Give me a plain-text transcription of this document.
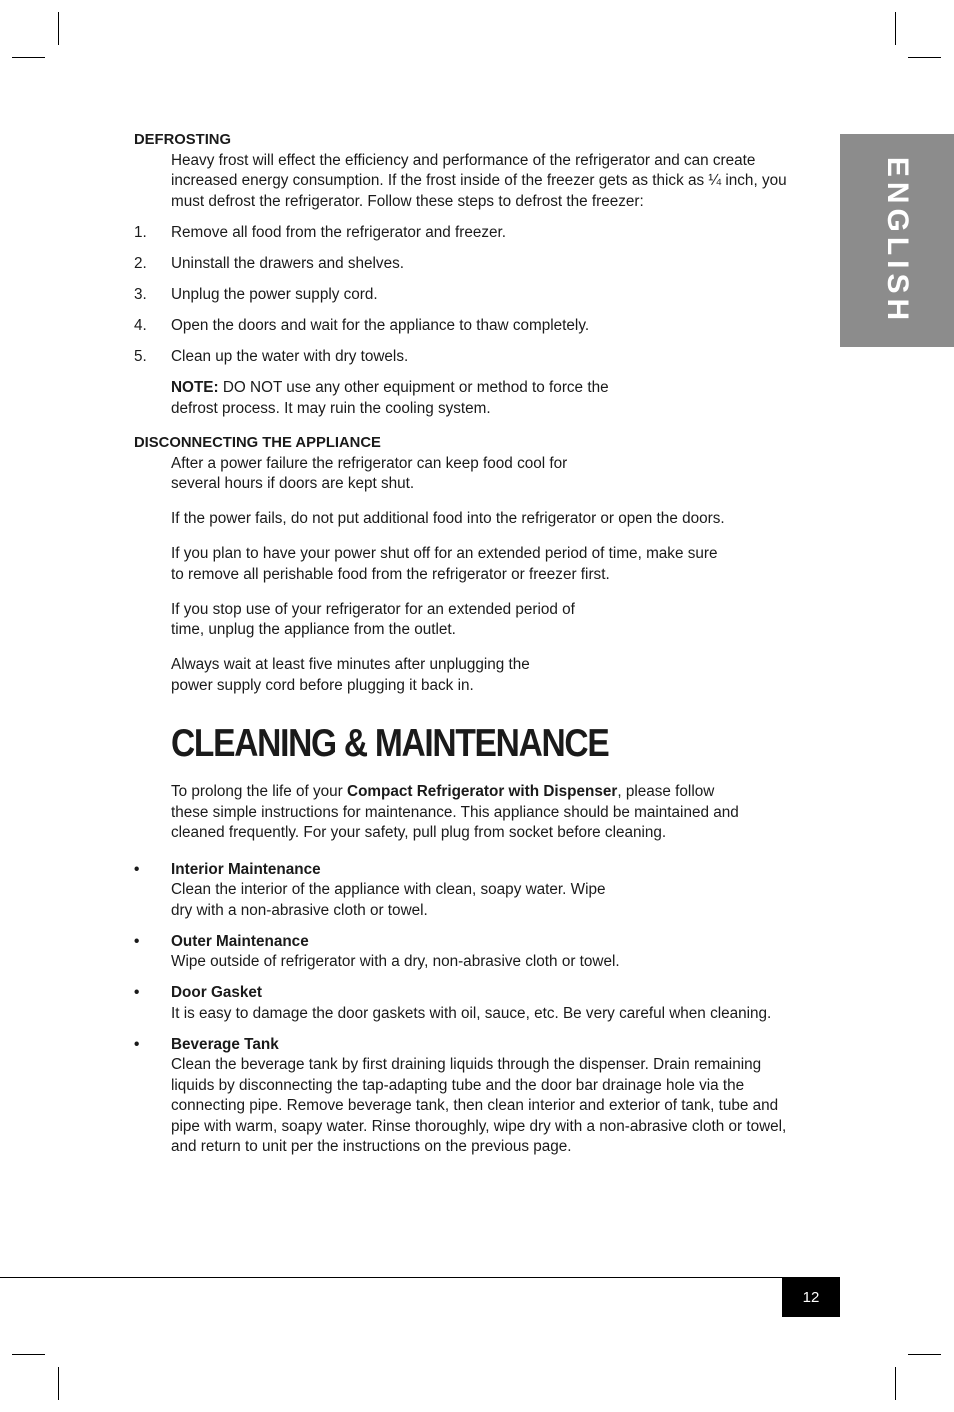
ENGLISH
DEFROSTING

Heavy frost will effect the efficiency and performance of the refrigerator and can create increased energy consumption. If the frost inside of the freezer gets as thick as ¼ inch, you must defrost the refrigerator. Follow these steps to defrost the freezer:

1. Remove all food from the refrigerator and freezer.
2. Uninstall the drawers and shelves.
3. Unplug the power supply cord.
4. Open the doors and wait for the appliance to thaw completely.
5. Clean up the water with dry towels.

NOTE: DO NOT use any other equipment or method to force the defrost process. It may ruin the cooling system.

DISCONNECTING THE APPLIANCE

After a power failure the refrigerator can keep food cool for several hours if doors are kept shut.

If the power fails, do not put additional food into the refrigerator or open the doors.

If you plan to have your power shut off for an extended period of time, make sure to remove all perishable food from the refrigerator or freezer first.

If you stop use of your refrigerator for an extended period of time, unplug the appliance from the outlet.

Always wait at least five minutes after unplugging the power supply cord before plugging it back in.

CLEANING & MAINTENANCE

To prolong the life of your Compact Refrigerator with Dispenser, please follow these simple instructions for maintenance. This appliance should be maintained and cleaned frequently. For your safety, pull plug from socket before cleaning.

• Interior Maintenance
Clean the interior of the appliance with clean, soapy water. Wipe dry with a non-abrasive cloth or towel.
• Outer Maintenance
Wipe outside of refrigerator with a dry, non-abrasive cloth or towel.
• Door Gasket
It is easy to damage the door gaskets with oil, sauce, etc. Be very careful when cleaning.
• Beverage Tank
Clean the beverage tank by first draining liquids through the dispenser. Drain remaining liquids by disconnecting the tap-adapting tube and the door bar drainage hole via the connecting pipe. Remove beverage tank, then clean interior and exterior of tank, tube and pipe with warm, soapy water. Rinse thoroughly, wipe dry with a non-abrasive cloth or towel, and return to unit per the instructions on the previous page.
12
